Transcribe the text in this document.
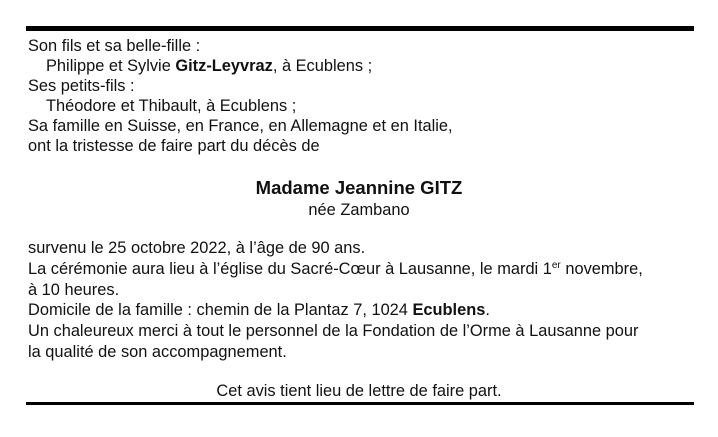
Son fils et sa belle-fille :
Philippe et Sylvie Gitz-Leyvraz, à Ecublens ;
Ses petits-fils :
Théodore et Thibault, à Ecublens ;
Sa famille en Suisse, en France, en Allemagne et en Italie,
ont la tristesse de faire part du décès de
Madame Jeannine GITZ
née Zambano
survenu le 25 octobre 2022, à l’âge de 90 ans.
La cérémonie aura lieu à l’église du Sacré-Cœur à Lausanne, le mardi 1er novembre,
à 10 heures.
Domicile de la famille : chemin de la Plantaz 7, 1024 Ecublens.
Un chaleureux merci à tout le personnel de la Fondation de l’Orme à Lausanne pour
la qualité de son accompagnement.
Cet avis tient lieu de lettre de faire part.
